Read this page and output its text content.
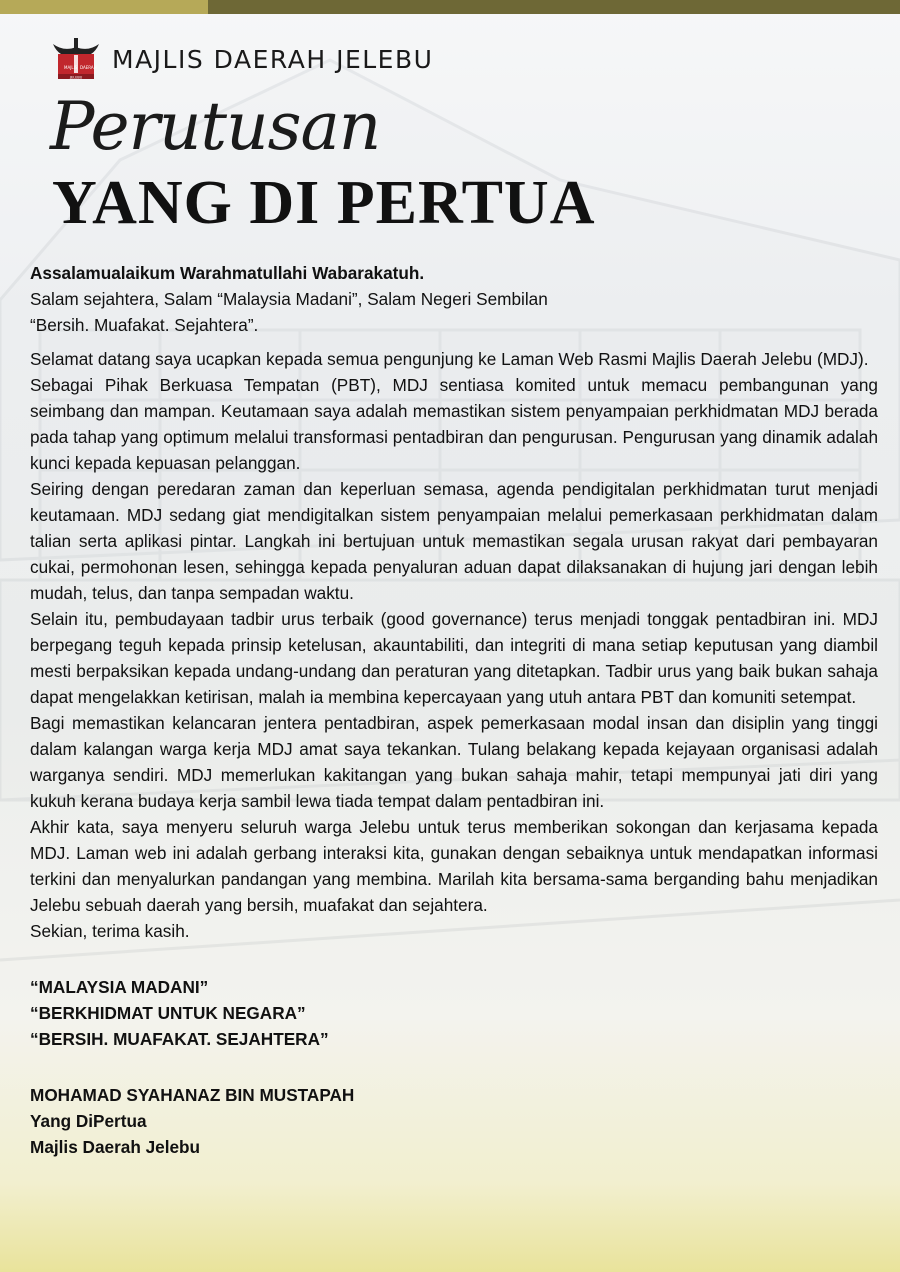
MAJLIS DAERAH
JELEBU
MAJLIS DAERAH JELEBU
Perutusan
YANG DI PERTUA

Assalamualaikum Warahmatullahi Wabarakatuh.

Salam sejahtera, Salam “Malaysia Madani”, Salam Negeri Sembilan

“Bersih. Muafakat. Sejahtera”.

Selamat datang saya ucapkan kepada semua pengunjung ke Laman Web Rasmi Majlis Daerah Jelebu (MDJ).

Sebagai Pihak Berkuasa Tempatan (PBT), MDJ sentiasa komited untuk memacu pembangunan yang seimbang dan mampan. Keutamaan saya adalah memastikan sistem penyampaian perkhidmatan MDJ berada pada tahap yang optimum melalui transformasi pentadbiran dan pengurusan. Pengurusan yang dinamik adalah kunci kepada kepuasan pelanggan.

Seiring dengan peredaran zaman dan keperluan semasa, agenda pendigitalan perkhidmatan turut menjadi keutamaan. MDJ sedang giat mendigitalkan sistem penyampaian melalui pemerkasaan perkhidmatan dalam talian serta aplikasi pintar. Langkah ini bertujuan untuk memastikan segala urusan rakyat dari pembayaran cukai, permohonan lesen, sehingga kepada penyaluran aduan dapat dilaksanakan di hujung jari dengan lebih mudah, telus, dan tanpa sempadan waktu.

Selain itu, pembudayaan tadbir urus terbaik (good governance) terus menjadi tonggak pentadbiran ini. MDJ berpegang teguh kepada prinsip ketelusan, akauntabiliti, dan integriti di mana setiap keputusan yang diambil mesti berpaksikan kepada undang-undang dan peraturan yang ditetapkan. Tadbir urus yang baik bukan sahaja dapat mengelakkan ketirisan, malah ia membina kepercayaan yang utuh antara PBT dan komuniti setempat.

Bagi memastikan kelancaran jentera pentadbiran, aspek pemerkasaan modal insan dan disiplin yang tinggi dalam kalangan warga kerja MDJ amat saya tekankan. Tulang belakang kepada kejayaan organisasi adalah warganya sendiri. MDJ memerlukan kakitangan yang bukan sahaja mahir, tetapi mempunyai jati diri yang kukuh kerana budaya kerja sambil lewa tiada tempat dalam pentadbiran ini.

Akhir kata, saya menyeru seluruh warga Jelebu untuk terus memberikan sokongan dan kerjasama kepada MDJ. Laman web ini adalah gerbang interaksi kita, gunakan dengan sebaiknya untuk mendapatkan informasi terkini dan menyalurkan pandangan yang membina. Marilah kita bersama-sama berganding bahu menjadikan Jelebu sebuah daerah yang bersih, muafakat dan sejahtera.

Sekian, terima kasih.

“MALAYSIA MADANI”

“BERKHIDMAT UNTUK NEGARA”

“BERSIH. MUAFAKAT. SEJAHTERA”

MOHAMAD SYAHANAZ BIN MUSTAPAH

Yang DiPertua

Majlis Daerah Jelebu
